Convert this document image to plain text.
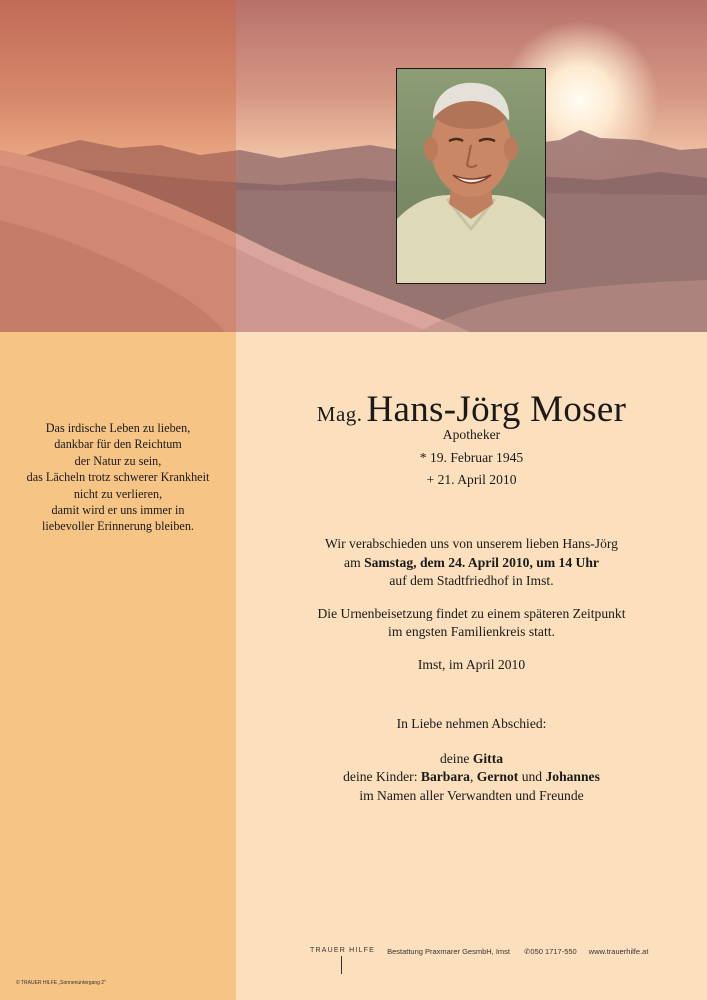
Das irdische Leben zu lieben,
dankbar für den Reichtum
der Natur zu sein,
das Lächeln trotz schwerer Krankheit
nicht zu verlieren,
damit wird er uns immer in
liebevoller Erinnerung bleiben.
Mag. Hans-Jörg Moser
Apotheker
* 19. Februar 1945
+ 21. April 2010
Wir verabschieden uns von unserem lieben Hans-Jörg
am Samstag, dem 24. April 2010, um 14 Uhr
auf dem Stadtfriedhof in Imst.
Die Urnenbeisetzung findet zu einem späteren Zeitpunkt
im engsten Familienkreis statt.
Imst, im April 2010
In Liebe nehmen Abschied:
deine Gitta
deine Kinder: Barbara, Gernot und Johannes
im Namen aller Verwandten und Freunde
TRAUER HILFE Bestattung Praxmarer GesmbH, Imst ✆050 1717-550 www.trauerhilfe.at
© TRAUER HILFE „Sonnenuntergang 2"
